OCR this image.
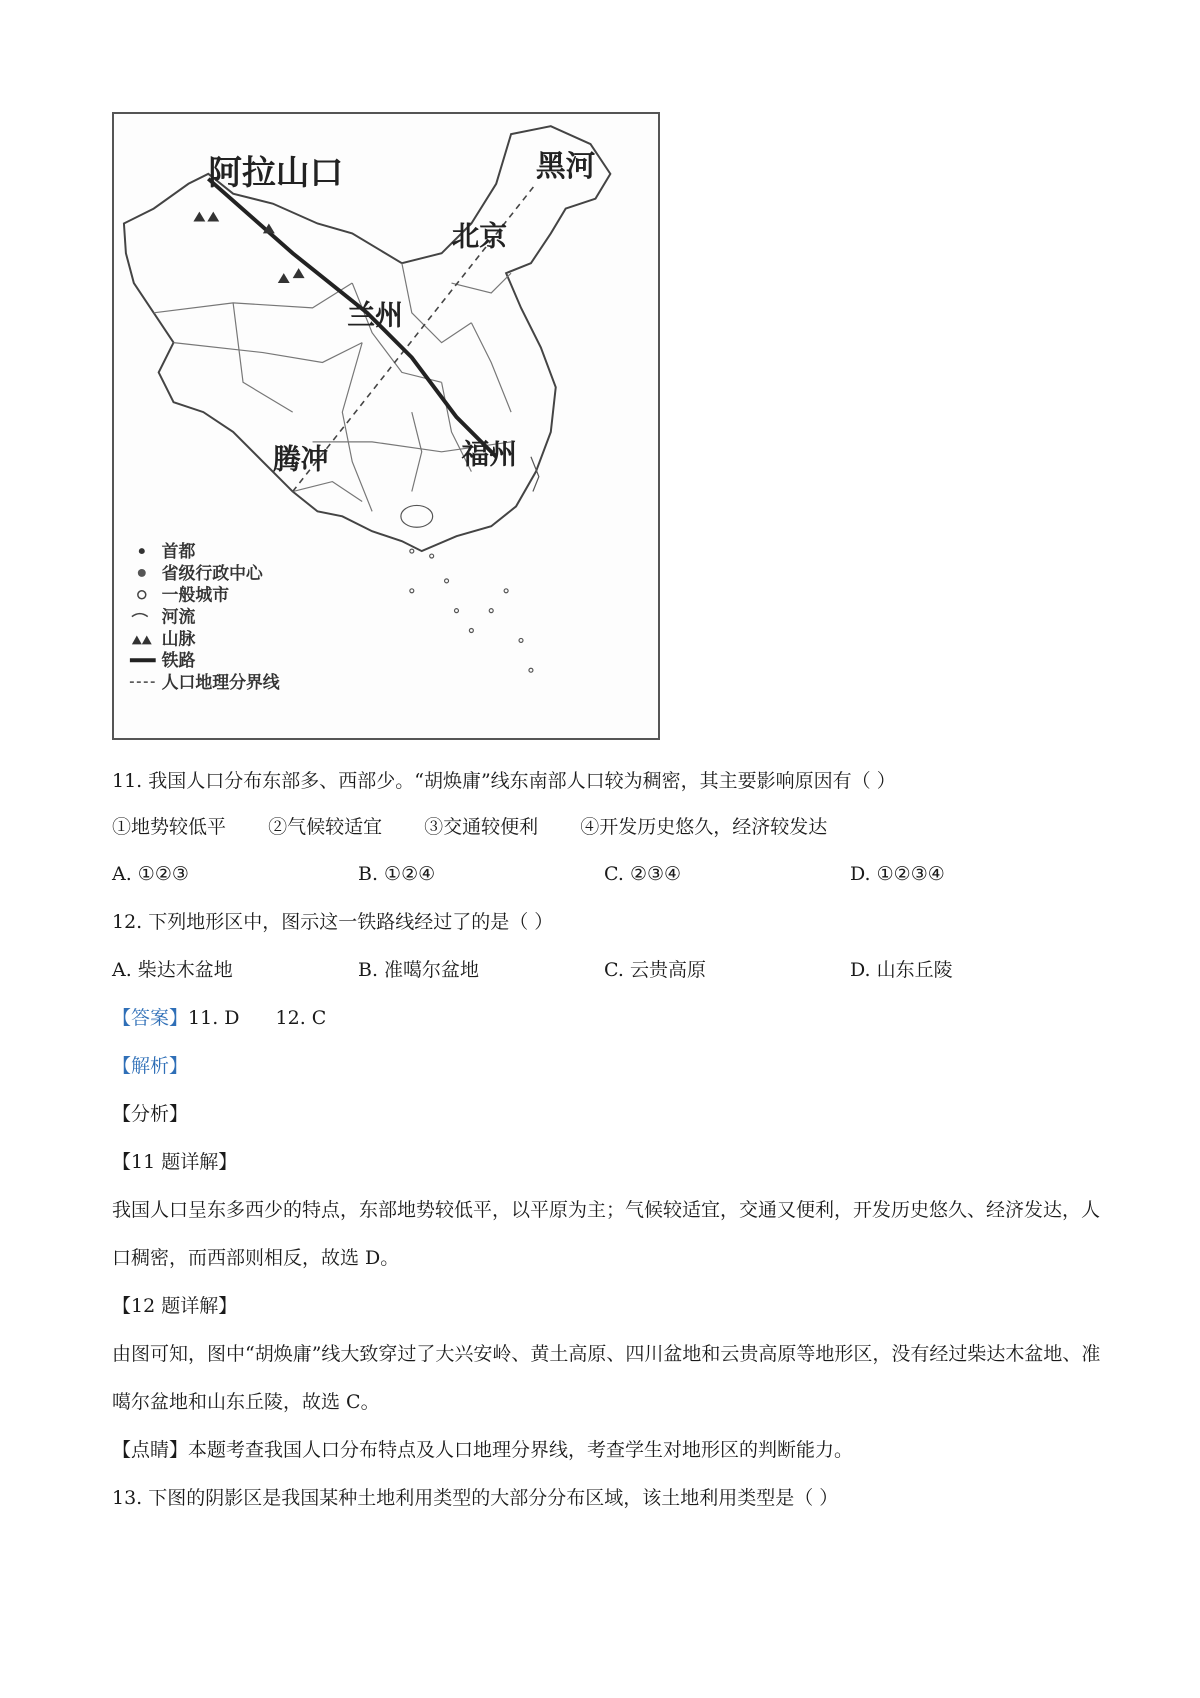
阿拉山口	黑河
北京
兰州
腾冲	福州
首都
省级行政中心
一般城市
河流
山脉
铁路
人口地理分界线
11. 我国人口分布东部多、西部少。“胡焕庸”线东南部人口较为稠密，其主要影响原因有（ ）
①地势较低平 ②气候较适宜 ③交通较便利 ④开发历史悠久，经济较发达
A. ①②③	B. ①②④	C. ②③④	D. ①②③④
12. 下列地形区中，图示这一铁路线经过了的是（ ）
A. 柴达木盆地	B. 准噶尔盆地	C. 云贵高原	D. 山东丘陵
【答案】11. D 12. C
【解析】
【分析】
【11 题详解】
我国人口呈东多西少的特点，东部地势较低平，以平原为主；气候较适宜，交通又便利，开发历史悠久、经济发达，人口稠密，而西部则相反，故选 D。
【12 题详解】
由图可知，图中“胡焕庸”线大致穿过了大兴安岭、黄土高原、四川盆地和云贵高原等地形区，没有经过柴达木盆地、准噶尔盆地和山东丘陵，故选 C。
【点睛】本题考查我国人口分布特点及人口地理分界线，考查学生对地形区的判断能力。
13. 下图的阴影区是我国某种土地利用类型的大部分分布区域，该土地利用类型是（ ）
